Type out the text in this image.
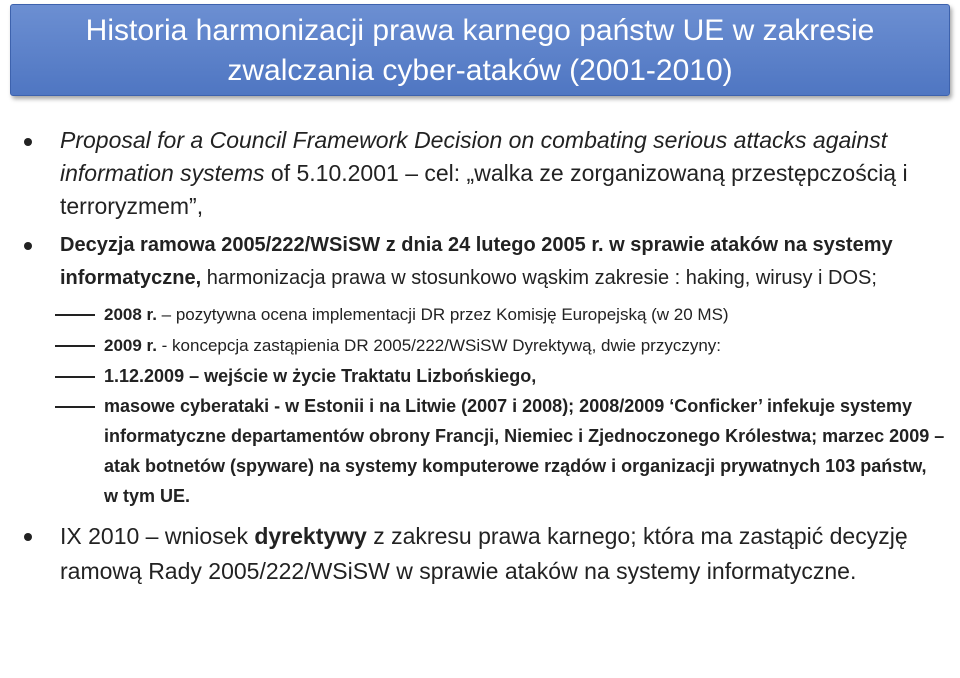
Historia harmonizacji prawa karnego państw UE w zakresie
zwalczania cyber-ataków (2001-2010)
Proposal for a Council Framework Decision on combating serious attacks against information systems of 5.10.2001 – cel: „walka ze zorganizowaną przestępczością i terroryzmem”,
Decyzja ramowa 2005/222/WSiSW z dnia 24 lutego 2005 r. w sprawie ataków na systemy informatyczne, harmonizacja prawa w stosunkowo wąskim zakresie : haking, wirusy i DOS;
2008 r. – pozytywna ocena implementacji DR przez Komisję Europejską (w 20 MS)
2009 r. - koncepcja zastąpienia DR 2005/222/WSiSW Dyrektywą, dwie przyczyny:
1.12.2009 – wejście w życie Traktatu Lizbońskiego,
masowe cyberataki - w Estonii i na Litwie (2007 i 2008); 2008/2009 ‘Conficker’ infekuje systemy informatyczne departamentów obrony Francji, Niemiec i Zjednoczonego Królestwa; marzec 2009 – atak botnetów (spyware) na systemy komputerowe rządów i organizacji prywatnych 103 państw, w tym UE.
IX 2010 – wniosek dyrektywy z zakresu prawa karnego; która ma zastąpić decyzję ramową Rady 2005/222/WSiSW w sprawie ataków na systemy informatyczne.
